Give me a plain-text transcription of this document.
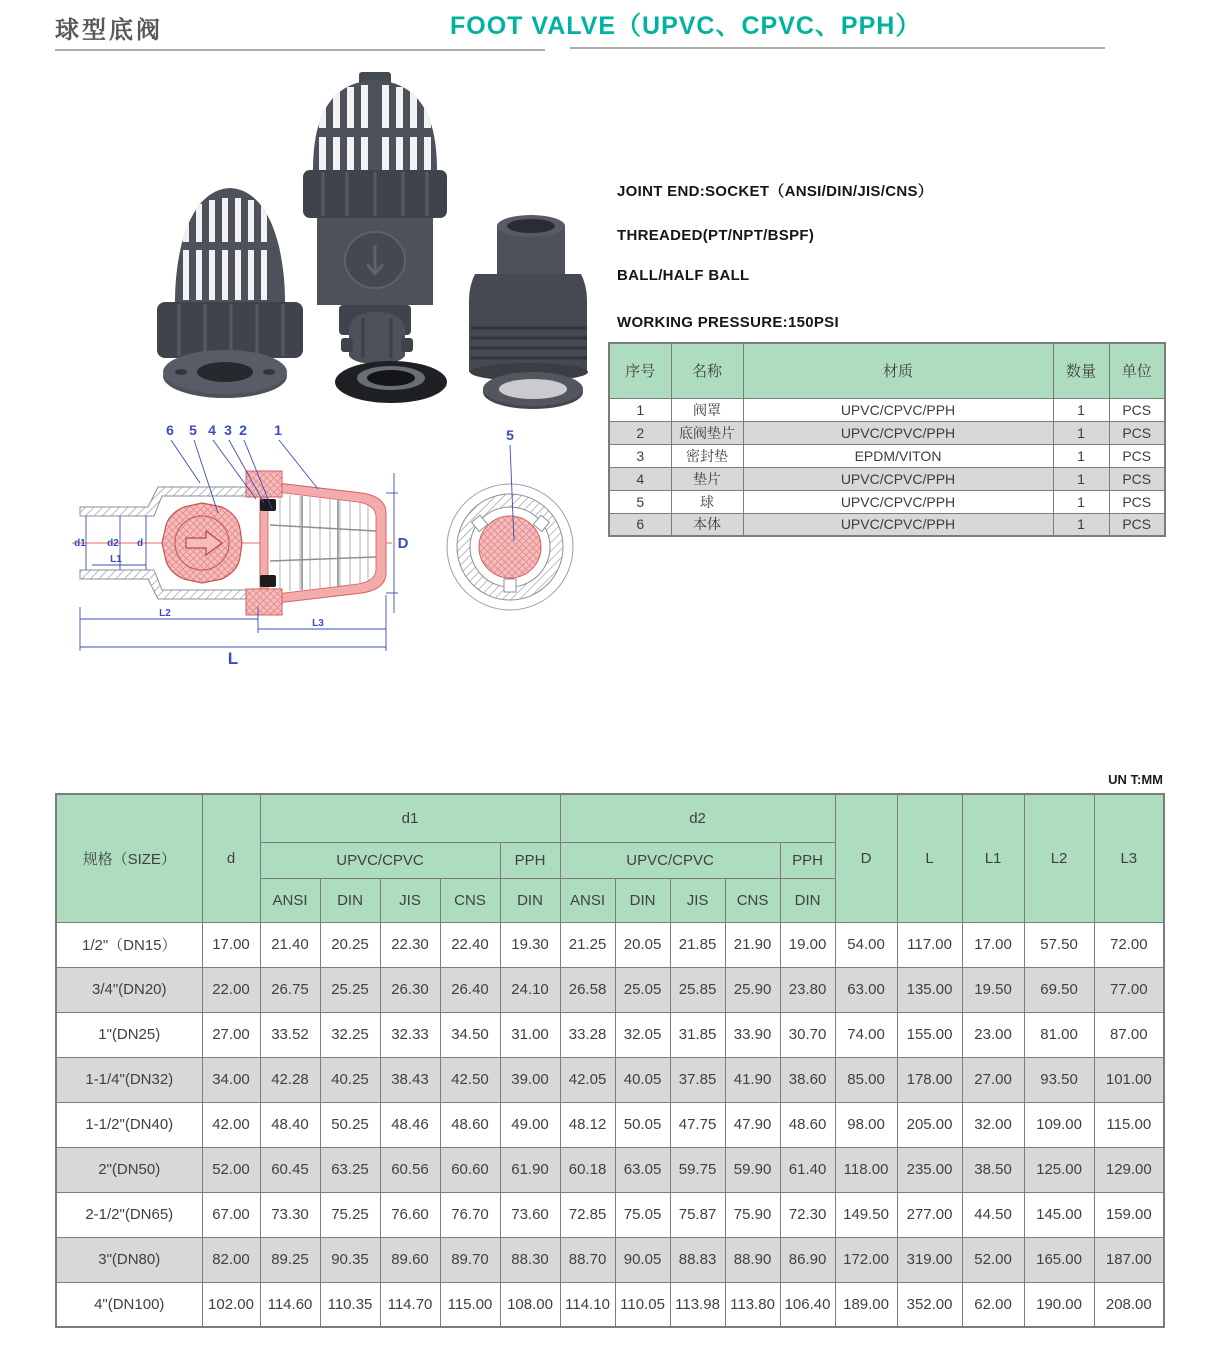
球型底阀	FOOT VALVE（UPVC、CPVC、PPH）
JOINT END:SOCKET（ANSI/DIN/JIS/CNS）
THREADED(PT/NPT/BSPF)
BALL/HALF BALL
WORKING PRESSURE:150PSI
序号	名称	材质	数量	单位
1	阀罩	UPVC/CPVC/PPH	1	PCS
2	底阀垫片	UPVC/CPVC/PPH	1	PCS
3	密封垫	EPDM/VITON	1	PCS
4	垫片	UPVC/CPVC/PPH	1	PCS
5	球	UPVC/CPVC/PPH	1	PCS
6	本体	UPVC/CPVC/PPH	1	PCS
6 5 4 3 2 1
d1 d2 d
L1
L2
L3
L
D
5
UN T:MM
规格（SIZE）	d	d1					d2					D	L	L1	L2	L3
		UPVC/CPVC				PPH	UPVC/CPVC				PPH					
		ANSI	DIN	JIS	CNS	DIN	ANSI	DIN	JIS	CNS	DIN					
1/2"（DN15）	17.00	21.40	20.25	22.30	22.40	19.30	21.25	20.05	21.85	21.90	19.00	54.00	117.00	17.00	57.50	72.00
3/4"(DN20)	22.00	26.75	25.25	26.30	26.40	24.10	26.58	25.05	25.85	25.90	23.80	63.00	135.00	19.50	69.50	77.00
1"(DN25)	27.00	33.52	32.25	32.33	34.50	31.00	33.28	32.05	31.85	33.90	30.70	74.00	155.00	23.00	81.00	87.00
1-1/4"(DN32)	34.00	42.28	40.25	38.43	42.50	39.00	42.05	40.05	37.85	41.90	38.60	85.00	178.00	27.00	93.50	101.00
1-1/2"(DN40)	42.00	48.40	50.25	48.46	48.60	49.00	48.12	50.05	47.75	47.90	48.60	98.00	205.00	32.00	109.00	115.00
2"(DN50)	52.00	60.45	63.25	60.56	60.60	61.90	60.18	63.05	59.75	59.90	61.40	118.00	235.00	38.50	125.00	129.00
2-1/2"(DN65)	67.00	73.30	75.25	76.60	76.70	73.60	72.85	75.05	75.87	75.90	72.30	149.50	277.00	44.50	145.00	159.00
3"(DN80)	82.00	89.25	90.35	89.60	89.70	88.30	88.70	90.05	88.83	88.90	86.90	172.00	319.00	52.00	165.00	187.00
4"(DN100)	102.00	114.60	110.35	114.70	115.00	108.00	114.10	110.05	113.98	113.80	106.40	189.00	352.00	62.00	190.00	208.00
